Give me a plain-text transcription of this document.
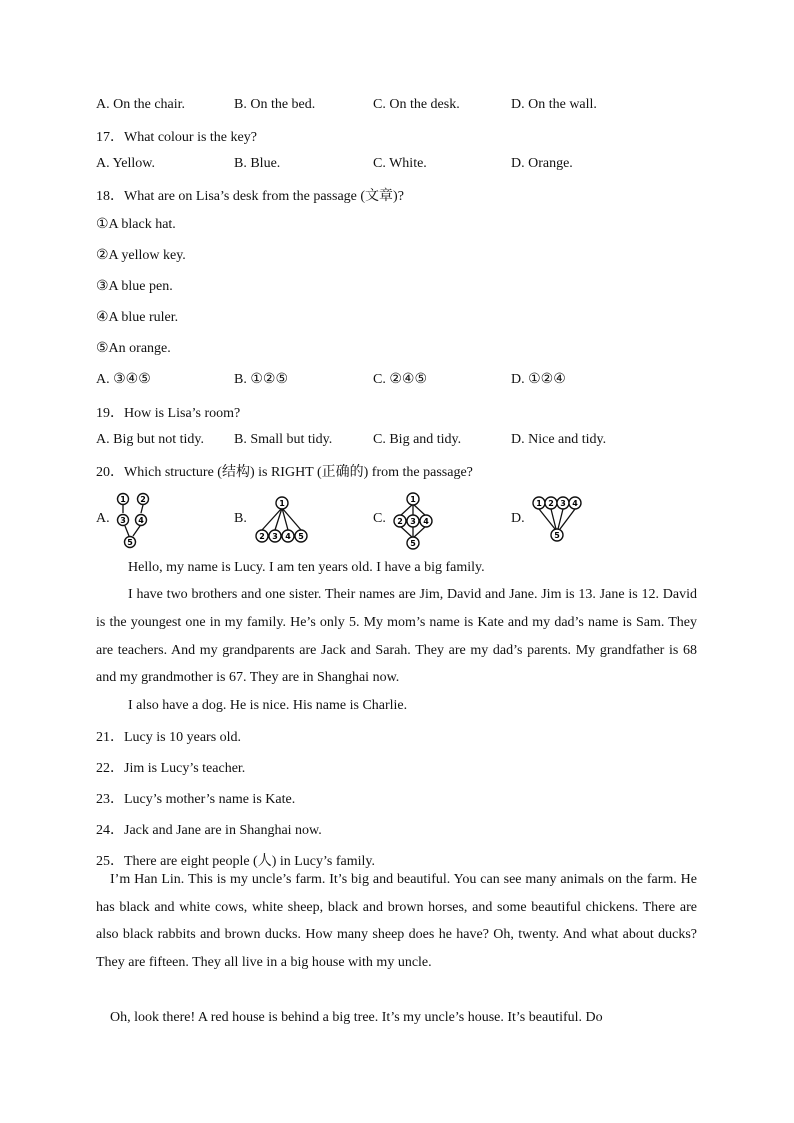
A. On the chair.	B. On the bed.	C. On the desk.	D. On the wall.
17．What colour is the key?
A. Yellow.	B. Blue.	C. White.	D. Orange.
18．What are on Lisa’s desk from the passage (文章)?
①A black hat.
②A yellow key.
③A blue pen.
④A blue ruler.
⑤An orange.
A. ③④⑤	B. ①②⑤	C. ②④⑤	D. ①②④
19．How is Lisa’s room?
A. Big but not tidy. B. Small but tidy.	C. Big and tidy.	D. Nice and tidy.
20．Which structure (结构) is RIGHT (正确的) from the passage?
A.	B.	C.	D.
1 2
3 4
5
1
2 3 4 5
1
2 3 4
5
1 2 3 4
5
Hello, my name is Lucy. I am ten years old. I have a big family.
I have two brothers and one sister. Their names are Jim, David and Jane. Jim is 13. Jane is 12. David is the youngest one in my family. He’s only 5. My mom’s name is Kate and my dad’s name is Sam. They are teachers. And my grandparents are Jack and Sarah. They are my dad’s parents. My grandfather is 68 and my grandmother is 67. They are in Shanghai now.
I also have a dog. He is nice. His name is Charlie.
21．Lucy is 10 years old.
22．Jim is Lucy’s teacher.
23．Lucy’s mother’s name is Kate.
24．Jack and Jane are in Shanghai now.
25．There are eight people (人) in Lucy’s family.
I’m Han Lin. This is my uncle’s farm. It’s big and beautiful. You can see many animals on the farm. He has black and white cows, white sheep, black and brown horses, and some beautiful chickens. There are also black rabbits and brown ducks. How many sheep does he have? Oh, twenty. And what about ducks? They are fifteen. They all live in a big house with my uncle.
Oh, look there! A red house is behind a big tree. It’s my uncle’s house. It’s beautiful. Do
